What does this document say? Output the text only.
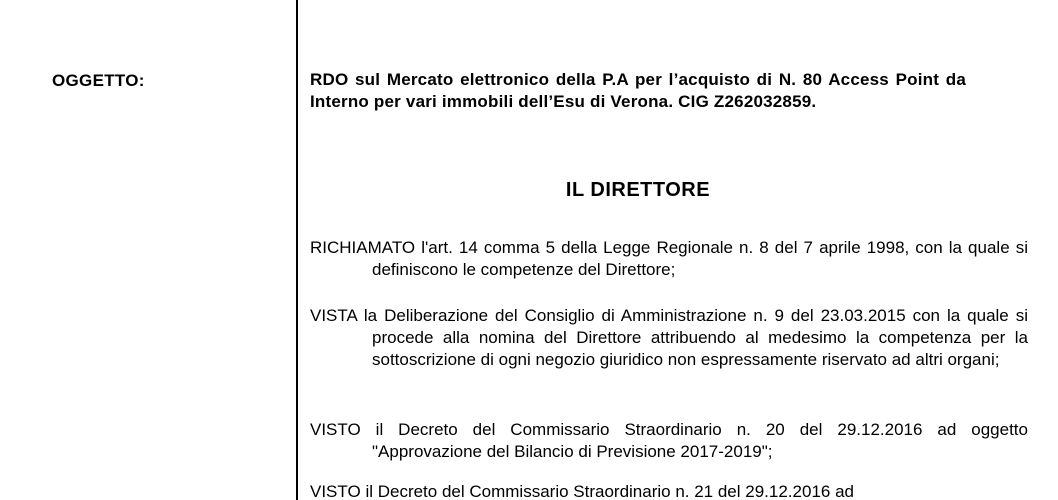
OGGETTO:	RDO sul Mercato elettronico della P.A per l’acquisto di N. 80 Access Point da Interno per vari immobili dell’Esu di Verona. CIG Z262032859.

IL DIRETTORE

RICHIAMATO l'art. 14 comma 5 della Legge Regionale n. 8 del 7 aprile 1998, con la quale si definiscono le competenze del Direttore;

VISTA la Deliberazione del Consiglio di Amministrazione n. 9 del 23.03.2015 con la quale si procede alla nomina del Direttore attribuendo al medesimo la competenza per la sottoscrizione di ogni negozio giuridico non espressamente riservato ad altri organi;

VISTO il Decreto del Commissario Straordinario n. 20 del 29.12.2016 ad oggetto "Approvazione del Bilancio di Previsione 2017-2019";

VISTO il Decreto del Commissario Straordinario n. 21 del 29.12.2016 ad
